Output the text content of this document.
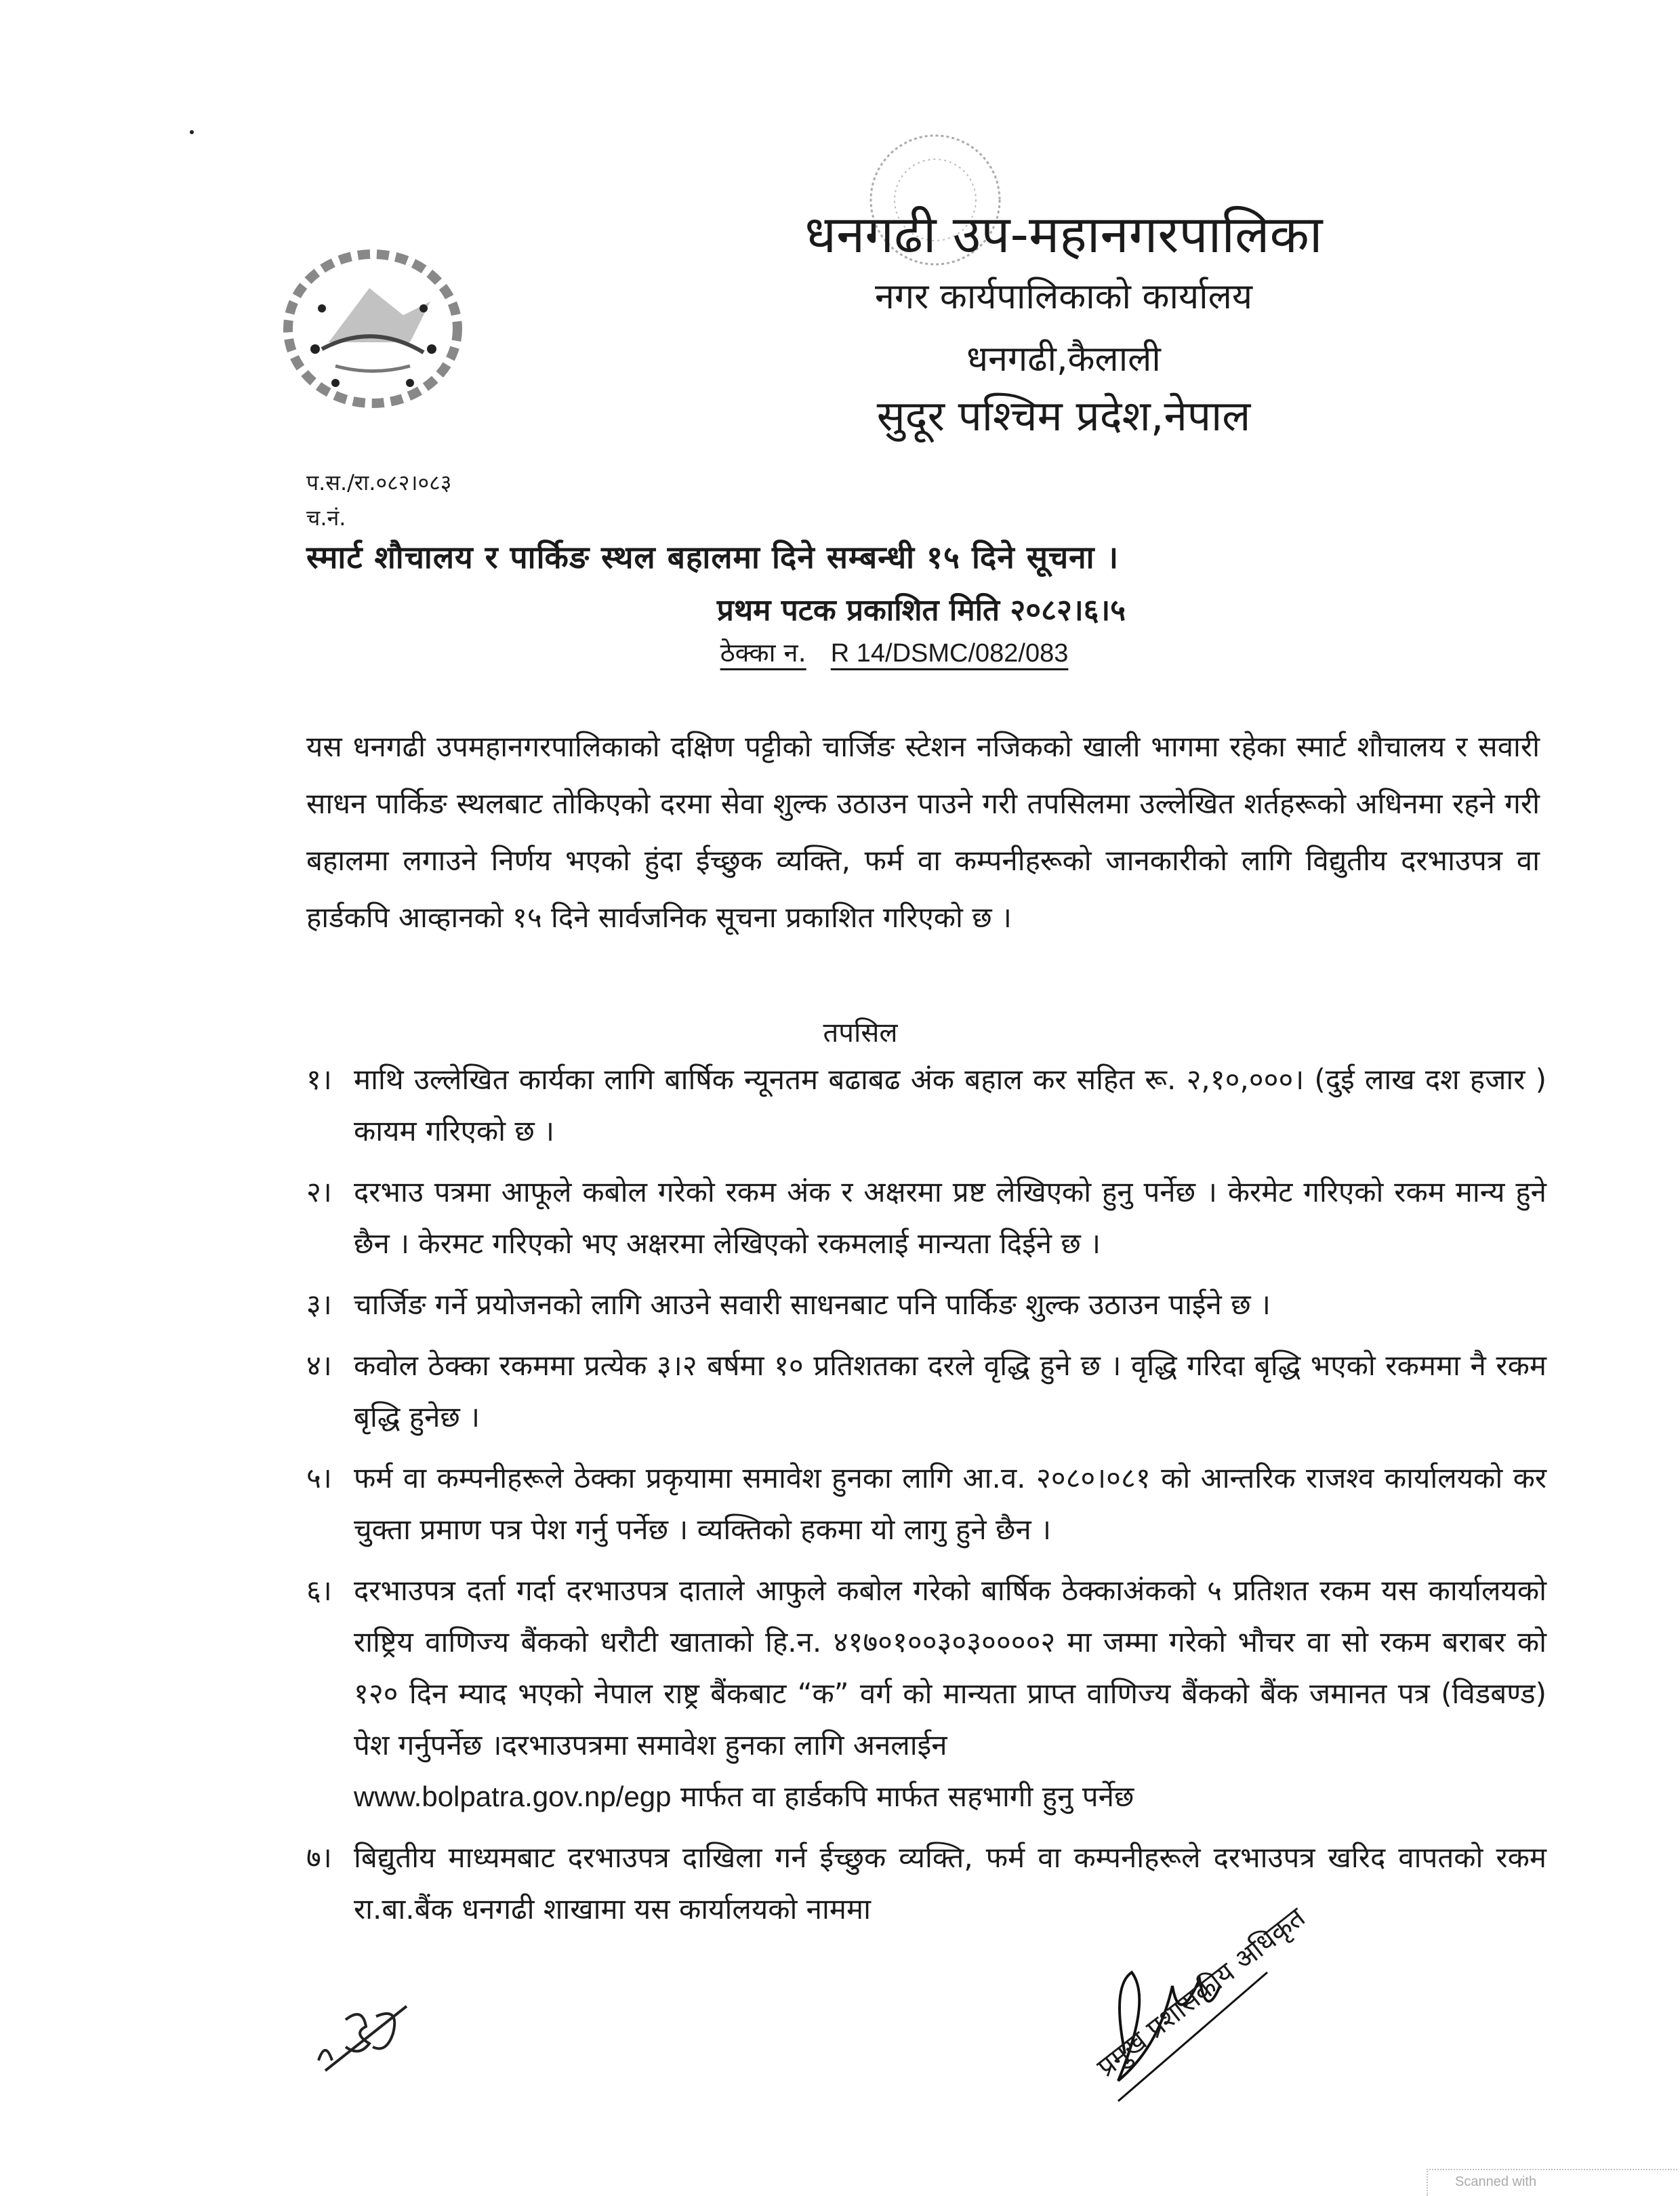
धनगढी उप-महानगरपालिका
नगर कार्यपालिकाको कार्यालय
धनगढी,कैलाली
सुदूर पश्चिम प्रदेश,नेपाल
प.स./रा.०८२।०८३
च.नं.
स्मार्ट शौचालय र पार्किङ स्थल बहालमा दिने सम्बन्धी १५ दिने सूचना ।
प्रथम पटक प्रकाशित मिति २०८२।६।५
ठेक्का न. R 14/DSMC/082/083
यस धनगढी उपमहानगरपालिकाको दक्षिण पट्टीको चार्जिङ स्टेशन नजिकको खाली भागमा रहेका स्मार्ट शौचालय र सवारी साधन पार्किङ स्थलबाट तोकिएको दरमा सेवा शुल्क उठाउन पाउने गरी तपसिलमा उल्लेखित शर्तहरूको अधिनमा रहने गरी बहालमा लगाउने निर्णय भएको हुंदा ईच्छुक व्यक्ति, फर्म वा कम्पनीहरूको जानकारीको लागि विद्युतीय दरभाउपत्र वा हार्डकपि आव्हानको १५ दिने सार्वजनिक सूचना प्रकाशित गरिएको छ ।
तपसिल
१। माथि उल्लेखित कार्यका लागि बार्षिक न्यूनतम बढाबढ अंक बहाल कर सहित रू. २,१०,०००। (दुई लाख दश हजार ) कायम गरिएको छ ।
२। दरभाउ पत्रमा आफूले कबोल गरेको रकम अंक र अक्षरमा प्रष्ट लेखिएको हुनु पर्नेछ । केरमेट गरिएको रकम मान्य हुने छैन । केरमट गरिएको भए अक्षरमा लेखिएको रकमलाई मान्यता दिईने छ ।
३। चार्जिङ गर्ने प्रयोजनको लागि आउने सवारी साधनबाट पनि पार्किङ शुल्क उठाउन पाईने छ ।
४। कवोल ठेक्का रकममा प्रत्येक ३।२ बर्षमा १० प्रतिशतका दरले वृद्धि हुने छ । वृद्धि गरिदा बृद्धि भएको रकममा नै रकम बृद्धि हुनेछ ।
५। फर्म वा कम्पनीहरूले ठेक्का प्रकृयामा समावेश हुनका लागि आ.व. २०८०।०८१ को आन्तरिक राजश्व कार्यालयको कर चुक्ता प्रमाण पत्र पेश गर्नु पर्नेछ । व्यक्तिको हकमा यो लागु हुने छैन ।
६। दरभाउपत्र दर्ता गर्दा दरभाउपत्र दाताले आफुले कबोल गरेको बार्षिक ठेक्काअंकको ५ प्रतिशत रकम यस कार्यालयको राष्ट्रिय वाणिज्य बैंकको धरौटी खाताको हि.न. ४१७०१००३०३००००२ मा जम्मा गरेको भौचर वा सो रकम बराबर को १२० दिन म्याद भएको नेपाल राष्ट्र बैंकबाट “क” वर्ग को मान्यता प्राप्त वाणिज्य बैंकको बैंक जमानत पत्र (विडबण्ड) पेश गर्नुपर्नेछ ।दरभाउपत्रमा समावेश हुनका लागि अनलाईन
www.bolpatra.gov.np/egp मार्फत वा हार्डकपि मार्फत सहभागी हुनु पर्नेछ
७। बिद्युतीय माध्यमबाट दरभाउपत्र दाखिला गर्न ईच्छुक व्यक्ति, फर्म वा कम्पनीहरूले दरभाउपत्र खरिद वापतको रकम रा.बा.बैंक धनगढी शाखामा यस कार्यालयको नाममा	प्रमुख प्रशासकीय अधिकृत
Scanned with
